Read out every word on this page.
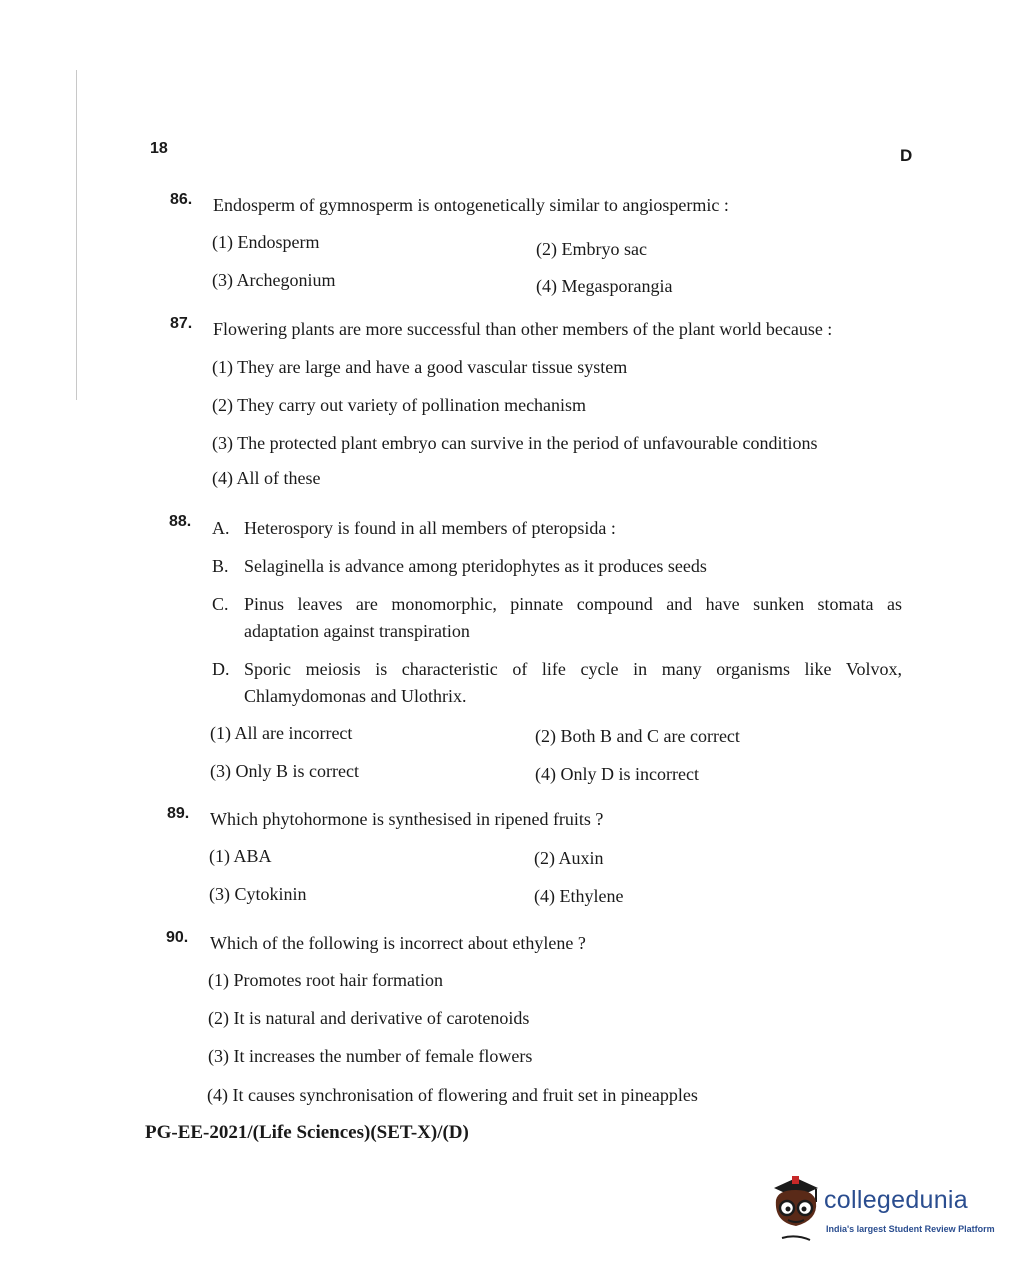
18	D
86. Endosperm of gymnosperm is ontogenetically similar to angiospermic :
(1) Endosperm	(2) Embryo sac
(3) Archegonium	(4) Megasporangia
87. Flowering plants are more successful than other members of the plant world because :
(1) They are large and have a good vascular tissue system
(2) They carry out variety of pollination mechanism
(3) The protected plant embryo can survive in the period of unfavourable conditions
(4) All of these
88. A. Heterospory is found in all members of pteropsida :
B. Selaginella is advance among pteridophytes as it produces seeds
C. Pinus leaves are monomorphic, pinnate compound and have sunken stomata as
adaptation against transpiration
D. Sporic meiosis is characteristic of life cycle in many organisms like Volvox,
Chlamydomonas and Ulothrix.
(1) All are incorrect	(2) Both B and C are correct
(3) Only B is correct	(4) Only D is incorrect
89. Which phytohormone is synthesised in ripened fruits ?
(1) ABA	(2) Auxin
(3) Cytokinin	(4) Ethylene
90. Which of the following is incorrect about ethylene ?
(1) Promotes root hair formation
(2) It is natural and derivative of carotenoids
(3) It increases the number of female flowers
(4) It causes synchronisation of flowering and fruit set in pineapples
PG-EE-2021/(Life Sciences)(SET-X)/(D)
collegedunia
India's largest Student Review Platform
